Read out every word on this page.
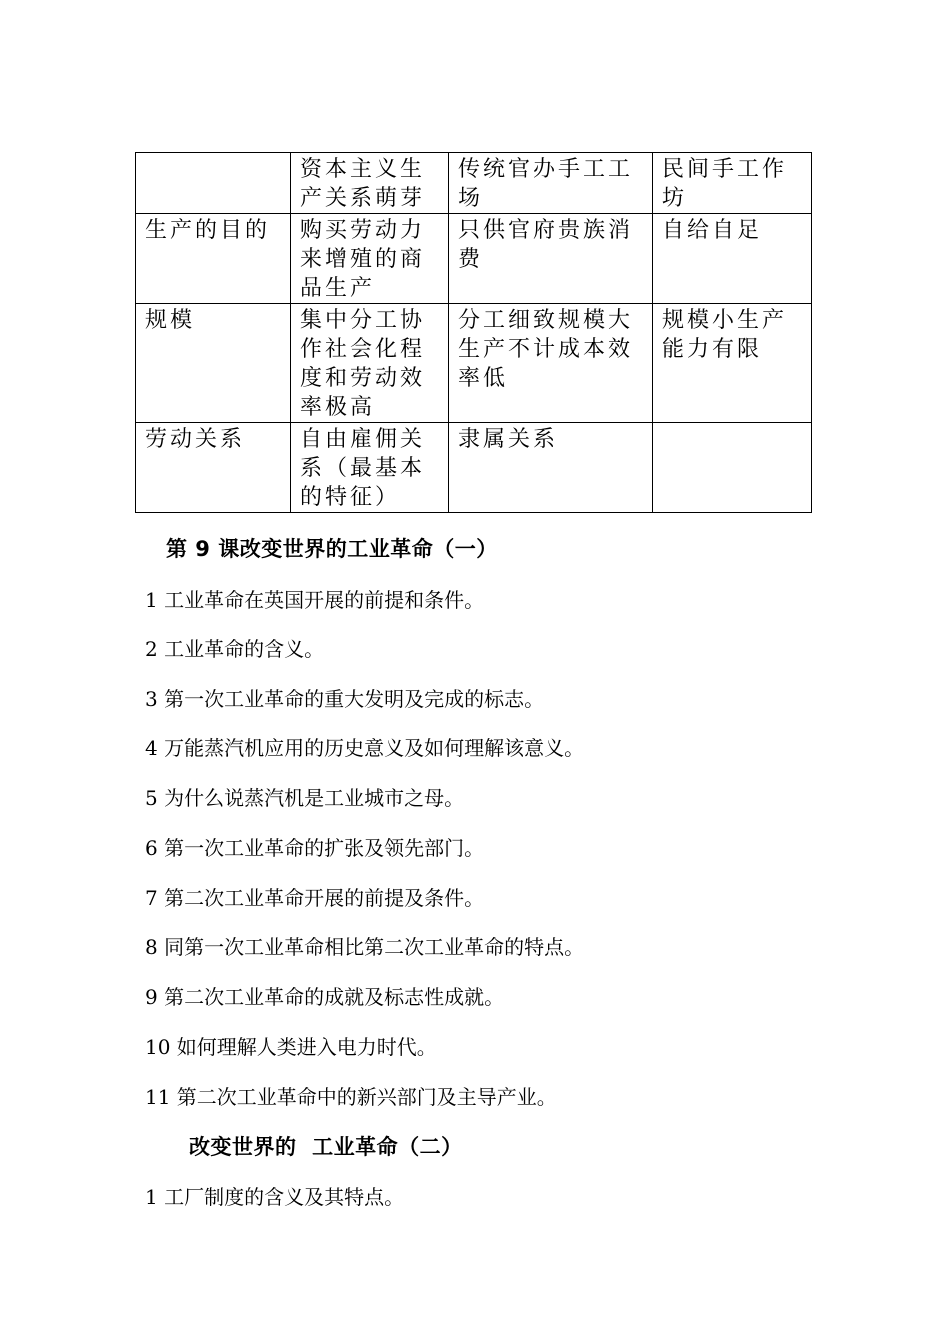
	资本主义生产关系萌芽	传统官办手工工场	民间手工作坊
生产的目的	购买劳动力来增殖的商品生产	只供官府贵族消费	自给自足
规模	集中分工协作社会化程度和劳动效率极高	分工细致规模大生产不计成本效率低	规模小生产能力有限
劳动关系	自由雇佣关系（最基本的特征）	隶属关系	
第 9 课改变世界的工业革命（一）
1 工业革命在英国开展的前提和条件。
2 工业革命的含义。
3 第一次工业革命的重大发明及完成的标志。
4 万能蒸汽机应用的历史意义及如何理解该意义。
5 为什么说蒸汽机是工业城市之母。
6 第一次工业革命的扩张及领先部门。
7 第二次工业革命开展的前提及条件。
8 同第一次工业革命相比第二次工业革命的特点。
9 第二次工业革命的成就及标志性成就。
10 如何理解人类进入电力时代。
11 第二次工业革命中的新兴部门及主导产业。
改变世界的  工业革命（二）
1 工厂制度的含义及其特点。
